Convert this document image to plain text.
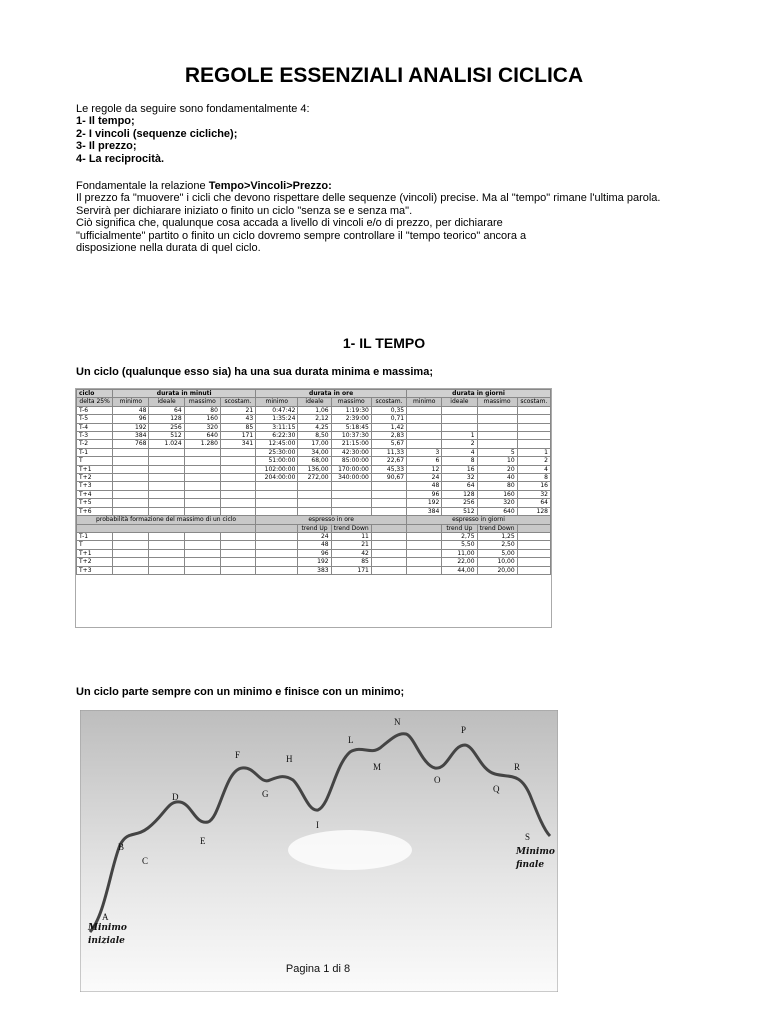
REGOLE ESSENZIALI ANALISI CICLICA
Le regole da seguire sono fondamentalmente 4:
1- Il tempo;
2- I vincoli (sequenze cicliche);
3- Il prezzo;
4- La reciprocità.
Fondamentale la relazione Tempo>Vincoli>Prezzo:
Il prezzo fa "muovere" i cicli che devono rispettare delle sequenze (vincoli) precise. Ma al "tempo" rimane l'ultima parola.
Servirà per dichiarare iniziato o finito un ciclo "senza se e senza ma".
Ciò significa che, qualunque cosa accada a livello di vincoli e/o di prezzo, per dichiarare
"ufficialmente" partito o finito un ciclo dovremo sempre controllare il "tempo teorico" ancora a
disposizione nella durata di quel ciclo.
1- IL TEMPO
Un ciclo (qualunque esso sia) ha una sua durata minima e massima;
ciclo	durata in minuti				durata in ore				durata in giorni			
delta 25%	minimo	ideale	massimo	scostam.	minimo	ideale	massimo	scostam.	minimo	ideale	massimo	scostam.
T-6	48	64	80	21	0:47:42	1,06	1:19:30	0,35				
T-5	96	128	160	43	1:35:24	2,12	2:39:00	0,71				
T-4	192	256	320	85	3:11:15	4,25	5:18:45	1,42				
T-3	384	512	640	171	6:22:30	8,50	10:37:30	2,83		1		
T-2	768	1.024	1.280	341	12:45:00	17,00	21:15:00	5,67		2		
T-1					25:30:00	34,00	42:30:00	11,33	3	4	5	1
T					51:00:00	68,00	85:00:00	22,67	6	8	10	2
T+1					102:00:00	136,00	170:00:00	45,33	12	16	20	4
T+2					204:00:00	272,00	340:00:00	90,67	24	32	40	8
T+3									48	64	80	16
T+4									96	128	160	32
T+5									192	256	320	64
T+6									384	512	640	128
probabilità formazione del massimo di un ciclo					espresso in ore				espresso in giorni			
						trend Up	trend Down			trend Up	trend Down	
T-1						24	11			2,75	1,25	
T						48	21			5,50	2,50	
T+1						96	42			11,00	5,00	
T+2						192	85			22,00	10,00	
T+3						383	171			44,00	20,00	
Un ciclo parte sempre con un minimo e finisce con un minimo;
A
B
C
D
E
F
G
H
I
L
M
N
O
P
Q
R
S
Minimo
iniziale
Minimo
finale
Pagina 1 di 8
